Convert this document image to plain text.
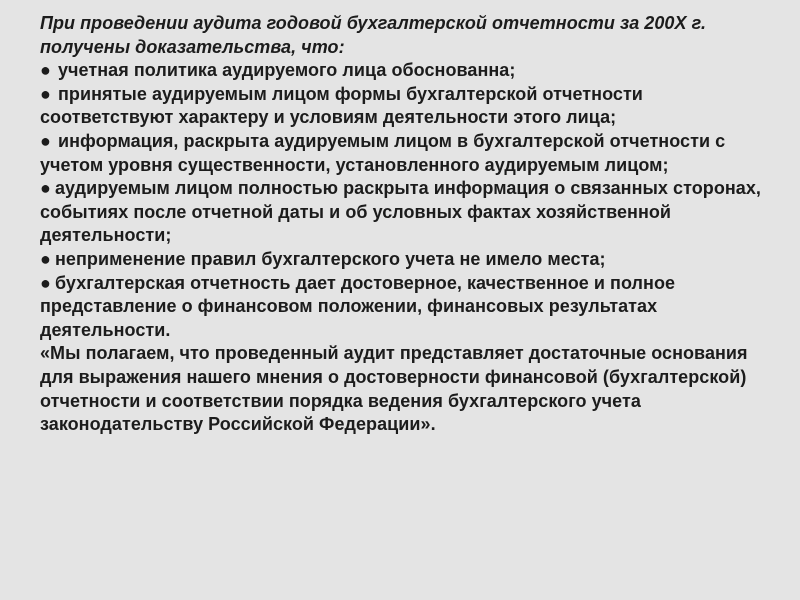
При проведении аудита годовой бухгалтерской отчетности за 200Х г. получены доказательства, что:

● учетная политика аудируемого лица обоснованна;

● принятые аудируемым лицом формы бухгалтерской отчетности соответствуют характеру и условиям деятельности этого лица;

● информация, раскрыта аудируемым лицом в бухгалтерской отчетности с учетом уровня существенности, установленного аудируемым лицом;

● аудируемым лицом полностью раскрыта информация о связанных сторонах, событиях после отчетной даты и об условных фактах хозяйственной деятельности;

● неприменение правил бухгалтерского учета не имело места;

● бухгалтерская отчетность дает достоверное, качественное и полное представление о финансовом положении, финансовых результатах деятельности.

«Мы полагаем, что проведенный аудит представляет достаточные основания для выражения нашего мнения о достоверности финансовой (бухгалтерской) отчетности и соответствии порядка ведения бухгалтерского учета законодательству Российской Федерации».
